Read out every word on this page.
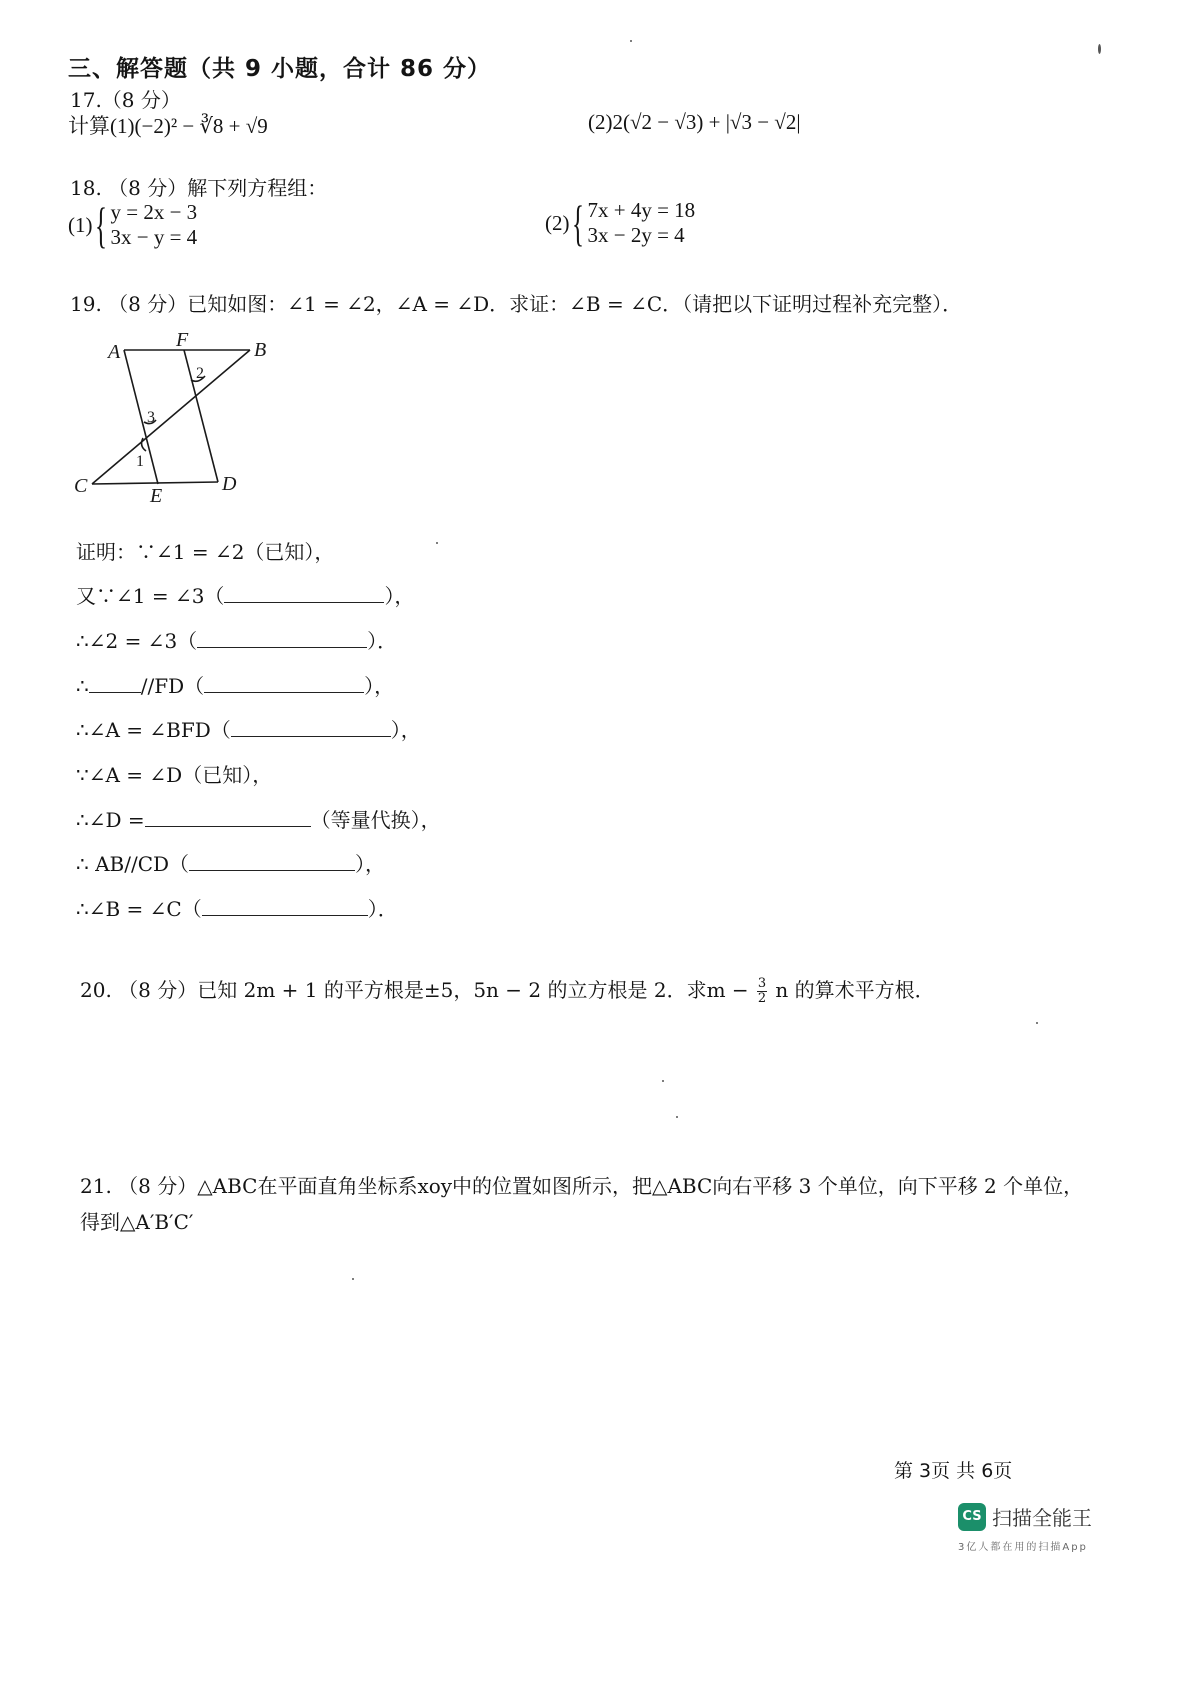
三、解答题（共 9 小题，合计 86 分）
17.（8 分）
计算(1)(−2)² − ∛8 + √9	(2)2(√2 − √3) + |√3 − √2|
18. （8 分）解下列方程组：
(1) { y = 2x − 3
3x − y = 4
(2) { 7x + 4y = 18
3x − 2y = 4
19. （8 分）已知如图：∠1 = ∠2，∠A = ∠D．求证：∠B = ∠C．（请把以下证明过程补充完整）．
A
F	B
C	E
D
2
3
1
证明：∵∠1 = ∠2（已知），
又∵∠1 = ∠3（	），
∴∠2 = ∠3（	）．
∴	//FD（	），
∴∠A = ∠BFD（	），
∵∠A = ∠D（已知），
∴∠D =	（等量代换），
∴ AB//CD（	），
∴∠B = ∠C（	）．
20. （8 分）已知 2m + 1 的平方根是±5，5n − 2 的立方根是 2．求$m - \frac{3}{2}$ n 的算术平方根．
21. （8 分）△ABC在平面直角坐标系xoy中的位置如图所示，把△ABC向右平移 3 个单位，向下平移 2 个单位，
得到△A′B′C′
第 3页 共 6页
CS 扫描全能王
3亿人都在用的扫描App
